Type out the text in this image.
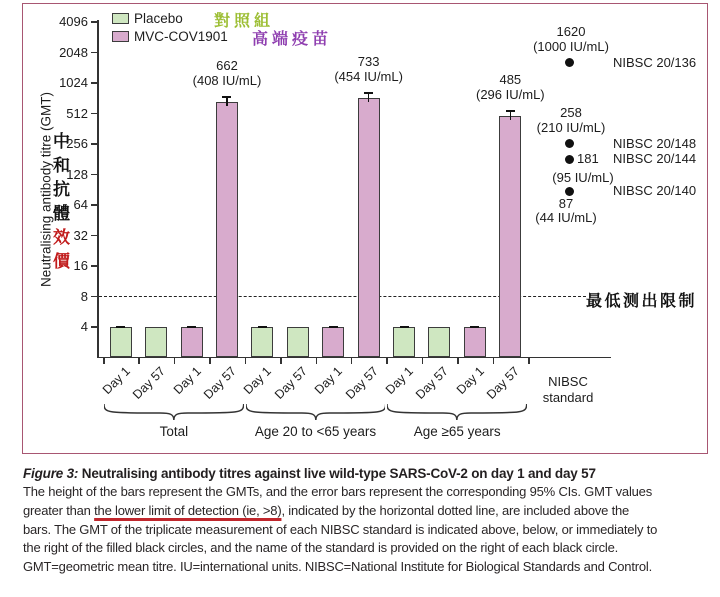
Placebo 對照組
MVC-COV1901 高端疫苗
Neutralising antibody titre (GMT)
中和抗體效價
最低测出限制
4096
2048
1024
512
256
128
64
32
16
8
4
Day 1
Day 57 Day 1
662
(408 IU/mL)
Day 57
Total
Day 1
Day 57 Day 1
733
(454 IU/mL)
Day 57
Age 20 to <65 years
Day 1
Day 57 Day 1
485
(296 IU/mL)
Day 57
Age ≥65 years
NIBSC 20/136
1620
(1000 IU/mL)
NIBSC 20/148
258
(210 IU/mL)
NIBSC 20/144
181
(95 IU/mL)
NIBSC 20/140
87
(44 IU/mL)
NIBSC
standard
Figure 3: Neutralising antibody titres against live wild-type SARS-CoV-2 on day 1 and day 57
The height of the bars represent the GMTs, and the error bars represent the corresponding 95% CIs. GMT values
greater than the lower limit of detection (ie, >8), indicated by the horizontal dotted line, are included above the
bars. The GMT of the triplicate measurement of each NIBSC standard is indicated above, below, or immediately to
the right of the filled black circles, and the name of the standard is provided on the right of each black circle.
GMT=geometric mean titre. IU=international units. NIBSC=National Institute for Biological Standards and Control.
